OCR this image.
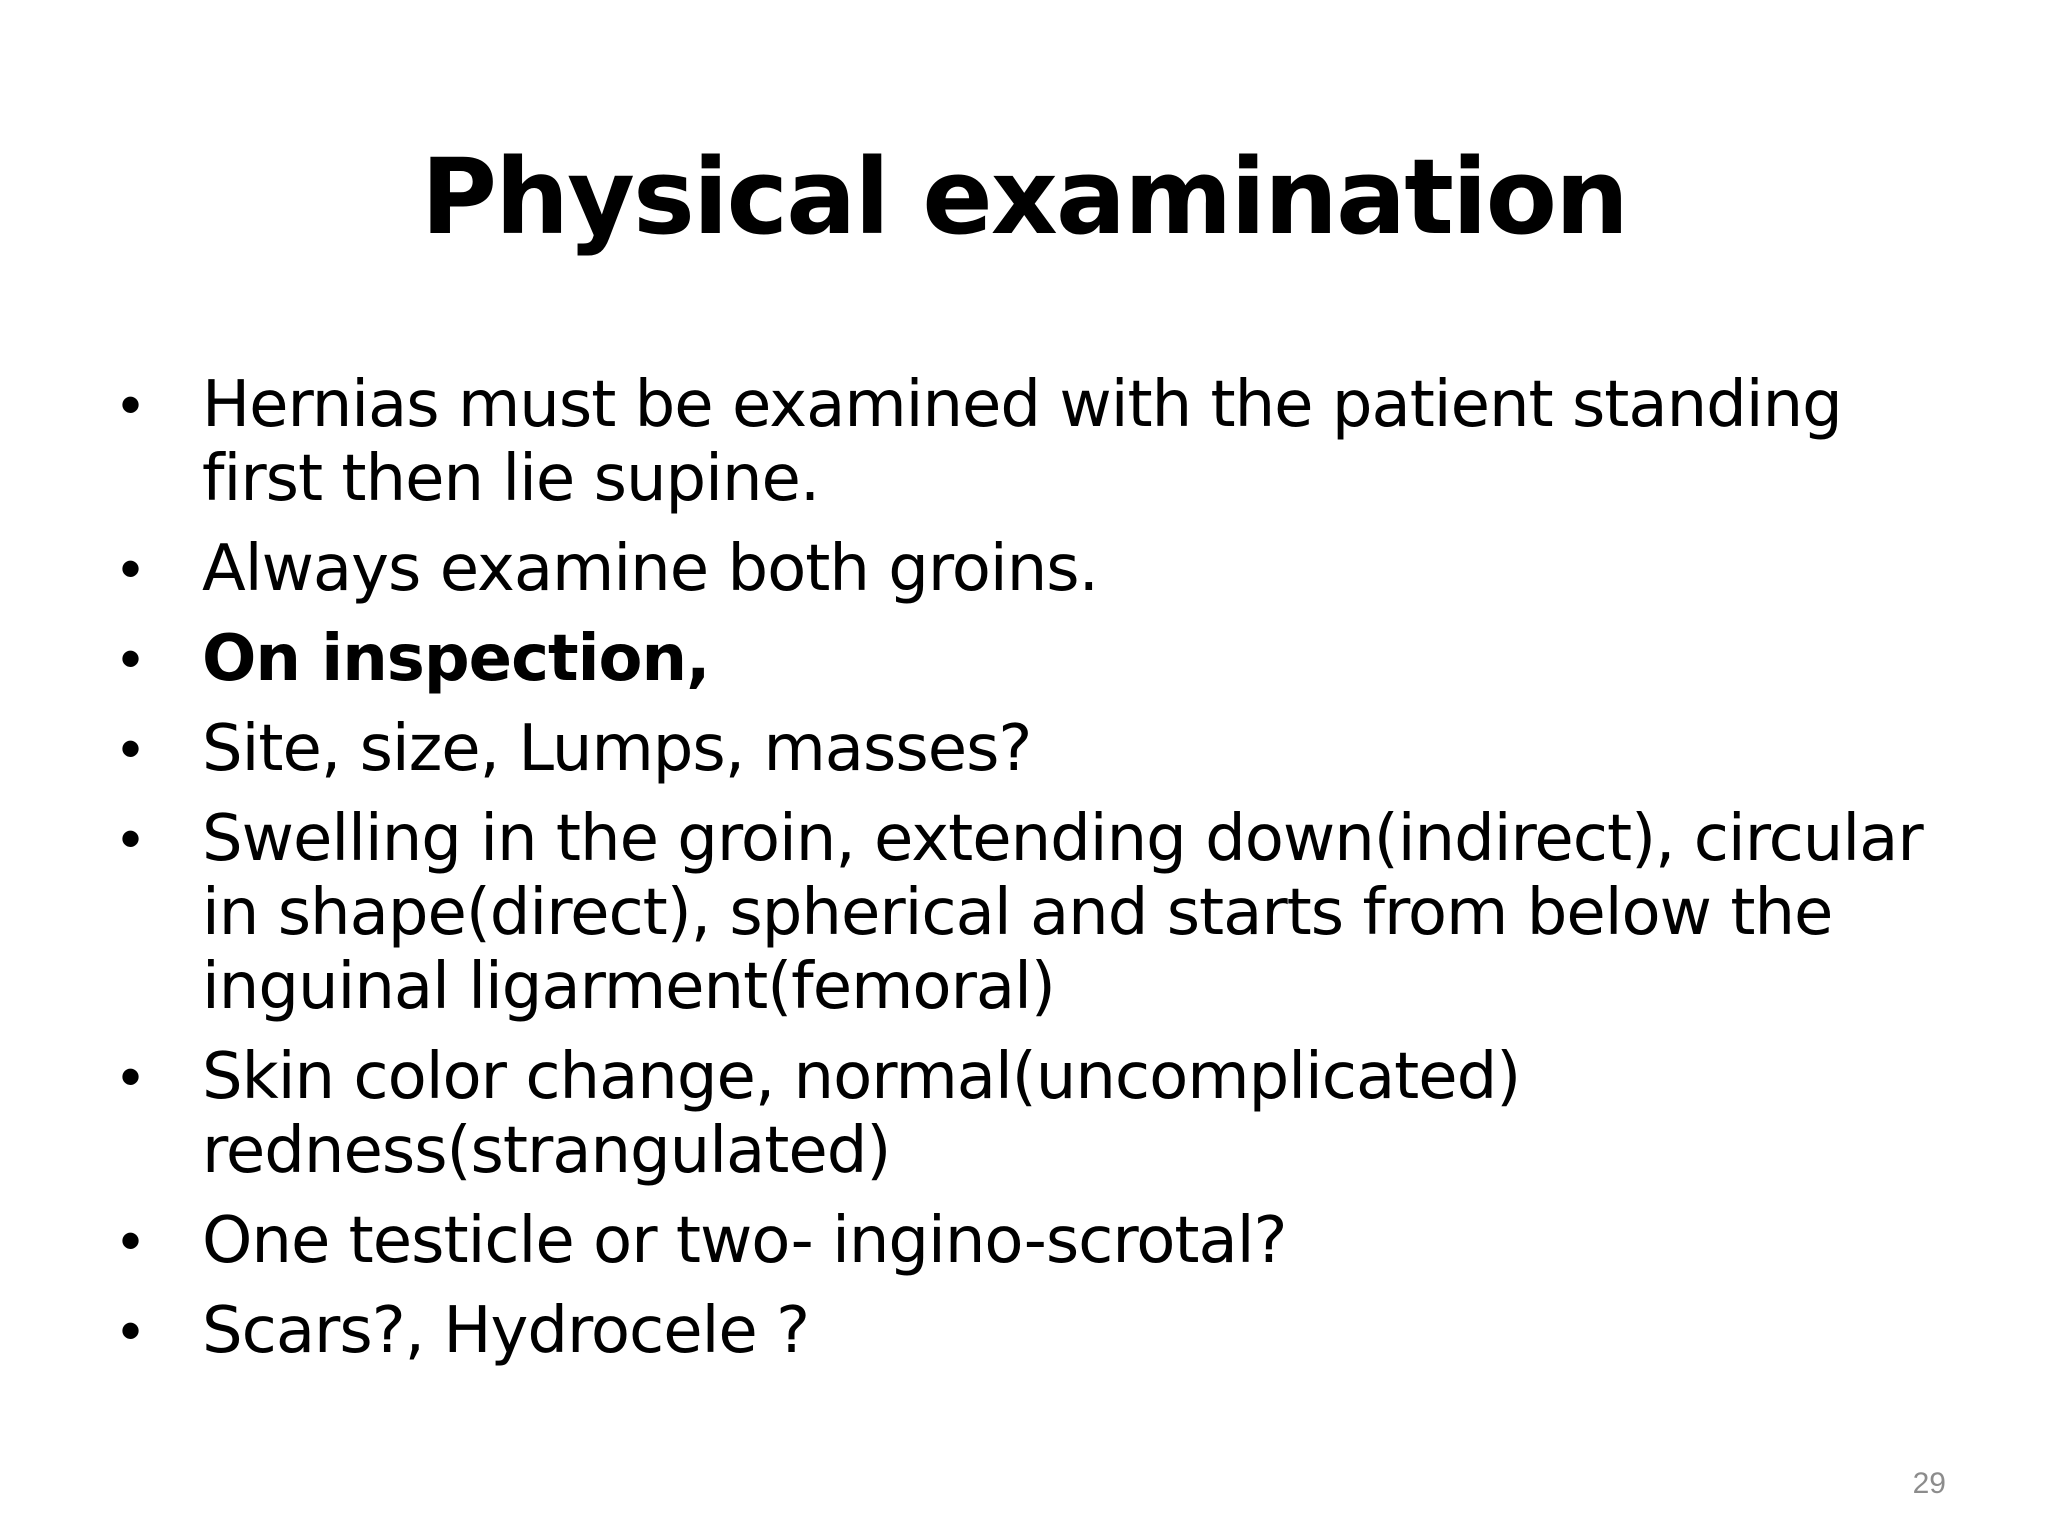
Physical examination
• Hernias must be examined with the patient standing first then lie supine.
• Always examine both groins.
• On inspection,
• Site, size, Lumps, masses?
• Swelling in the groin, extending down(indirect), circular in shape(direct), spherical and starts from below the inguinal ligarment(femoral)
• Skin color change, normal(uncomplicated) redness(strangulated)
• One testicle or two- ingino-scrotal?
• Scars?, Hydrocele ?
29
